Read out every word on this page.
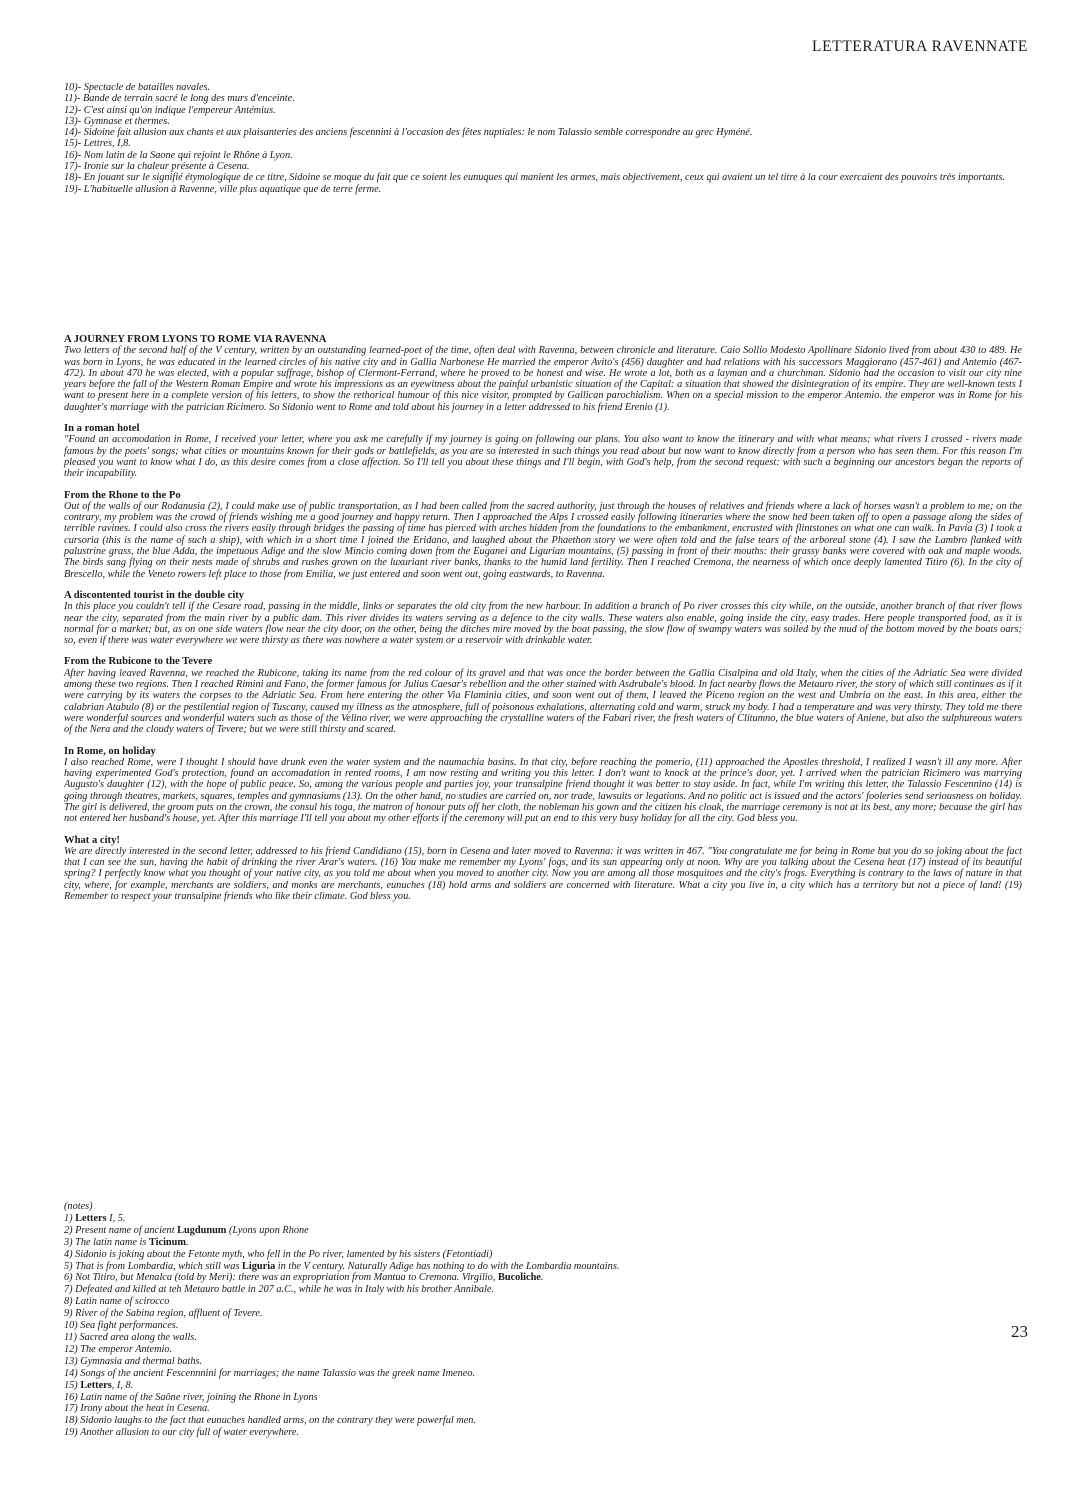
LETTERATURA RAVENNATE
10)- Spectacle de batailles navales.
11)- Bande de terrain sacré le long des murs d'enceinte.
12)- C'est ainsi qu'on indique l'empereur Antémius.
13)- Gymnase et thermes.
14)- Sidoine fait allusion aux chants et aux plaisanteries des anciens fescennini à l'occasion des fêtes nuptiales: le nom Talassio semble correspondre au grec Hyméné.
15)- Lettres, I,8.
16)- Nom latin de la Saone qui rejoint le Rhône à Lyon.
17)- Ironie sur la chaleur présente à Cesena.
18)- En jouant sur le signifié étymologique de ce titre, Sidoine se moque du fait que ce soient les eunuques qui manient les armes, mais objectivement, ceux qui avaient un tel titre à la cour exercaient des pouvoirs très importants.
19)- L'habituelle allusion à Ravenne, ville plus aquatique que de terre ferme.
A JOURNEY FROM LYONS TO ROME VIA RAVENNA

Two letters of the second half of the V century, written by an outstanding learned-poet of the time, often deal with Ravenna, between chronicle and literature. Caio Sollio Modesto Apollinare Sidonio lived from about 430 to 489. He was born in Lyons, he was educated in the learned circles of his native city and in Gallia Narbonese He married the emperor Avito's (456) daughter and had relations with his successors Maggiorano (457-461) and Antemio (467-472). In about 470 he was elected, with a popular suffrage, bishop of Clermont-Ferrand, where he proved to be honest and wise. He wrote a lot, both as a layman and a churchman. Sidonio had the occasion to visit our city nine years before the fall of the Western Roman Empire and wrote his impressions as an eyewitness about the painful urbanistic situation of the Capital: a situation that showed the disintegration of its empire. They are well-known tests I want to present here in a complete version of his letters, to show the rethorical humour of this nice visitor, prompted by Gallican parochialism. When on a special mission to the emperor Antemio. the emperor was in Rome for his daughter's marriage with the patrician Ricimero. So Sidonio went to Rome and told about his journey in a letter addressed to his friend Erenio (1).

In a roman hotel

"Found an accomodation in Rome, I received your letter, where you ask me carefully if my journey is going on following our plans. You also want to know the itinerary and with what means; what rivers I crossed - rivers made famous by the poets' songs; what cities or mountains known for their gods or battlefields, as you are so interested in such things you read about but now want to know directly from a person who has seen them. For this reason I'm pleased you want to know what I do, as this desire comes from a close affection. So I'll tell you about these things and I'll begin, with God's help, from the second request: with such a beginning our ancestors began the reports of their incapability.

From the Rhone to the Po

Out of the walls of our Rodanusia (2), I could make use of public transportation, as I had been called from the sacred authority, just through the houses of relatives and friends where a lack of horses wasn't a problem to me; on the contrary, my problem was the crowd of friends wishing me a good journey and happy return. Then I approached the Alps I crossed easily following itineraries where the snow hed been taken off to open a passage along the sides of terrible ravines. I could also cross the rivers easily through bridges the passing of time has pierced with arches hidden from the foundations to the embankment, encrusted with flintstones on what one can walk. In Pavia (3) I took a cursoria (this is the name of such a ship), with which in a short time I joined the Eridano, and laughed about the Phaethon story we were often told and the false tears of the arboreal stone (4). I saw the Lambro flanked with palustrine grass, the blue Adda, the impetuous Adige and the slow Mincio coming down from the Euganei and Ligurian mountains, (5) passing in front of their mouths: their grassy banks were covered with oak and maple woods. The birds sang flying on their nests made of shrubs and rushes grown on the luxuriant river banks, thanks to the humid land fertility. Then I reached Cremona, the nearness of which once deeply lamented Titiro (6). In the city of Brescello, while the Veneto rowers left place to those from Emilia, we just entered and soon went out, going eastwards, to Ravenna.

A discontented tourist in the double city

In this place you couldn't tell if the Cesare road, passing in the middle, links or separates the old city from the new harbour. In addition a branch of Po river crosses this city while, on the outside, another branch of that river flows near the city, separated from the main river by a public dam. This river divides its waters serving as a defence to the city walls. These waters also enable, going inside the city, easy trades. Here people transported food, as it is normal for a market; but, as on one side waters flow near the city door, on the other, being the ditches mire moved by the boat passing, the slow flow of swampy waters was soiled by the mud of the bottom moved by the boats oars; so, even if there was water everywhere we were thirsty as there was nowhere a water system or a reservoir with drinkable water.

From the Rubicone to the Tevere

After having leaved Ravenna, we reached the Rubicone, taking its name from the red colour of its gravel and that was once the border between the Gallia Cisalpina and old Italy, when the cities of the Adriatic Sea were divided among these two regions. Then I reached Rimini and Fano, the former famous for Julius Caesar's rebellion and the other stained with Asdrubale's blood. In fact nearby flows the Metauro river, the story of which still continues as if it were carrying by its waters the corpses to the Adriatic Sea. From here entering the other Via Flaminia cities, and soon went out of them, I leaved the Piceno region on the west and Umbria on the east. In this area, either the calabrian Atabulo (8) or the pestilential region of Tuscany, caused my illness as the atmosphere, full of poisonous exhalations, alternating cold and warm, struck my body. I had a temperature and was very thirsty. They told me there were wonderful sources and wonderful waters such as those of the Velino river, we were approaching the crystalline waters of the Fabari river, the fresh waters of Clitumno, the blue waters of Aniene, but also the sulphureous waters of the Nera and the cloudy waters of Tevere; but we were still thirsty and scared.

In Rome, on holiday

I also reached Rome, were I thought I should have drunk even the water system and the naumachia basins. In that city, before reaching the pomerio, (11) approached the Apostles threshold, I realized I wasn't ill any more. After having experimented God's protection, found an accomadation in rented rooms, I am now resting and writing you this letter. I don't want to knock at the prince's door, yet. I arrived when the patrician Ricimero was marrying Augusto's daughter (12), with the hope of public peace. So, among the various people and parties joy, your transalpine friend thought it was better to stay aside. In fact, while I'm writing this letter, the Talassio Fescennino (14) is going through theatres, markets, squares, temples and gymnasiums (13). On the other hand, no studies are carried on, nor trade, lawsuits or legations. And no politic act is issued and the actors' fooleries send seriousness on holiday. The girl is delivered, the groom puts on the crown, the consul his toga, the matron of honour puts off her cloth, the nobleman his gown and the citizen his cloak, the marriage ceremony is not at its best, any more; because the girl has not entered her husband's house, yet. After this marriage I'll tell you about my other efforts if the ceremony will put an end to this very busy holiday for all the city. God bless you.

What a city!

We are directly interested in the second letter, addressed to his friend Candidiano (15), born in Cesena and later moved to Ravenna: it was written in 467. "You congratulate me for being in Rome but you do so joking about the fact that I can see the sun, having the habit of drinking the river Arar's waters. (16) You make me remember my Lyons' fogs, and its sun appearing only at noon. Why are you talking about the Cesena heat (17) instead of its beautiful spring? I perfectly know what you thought of your native city, as you told me about when you moved to another city. Now you are among all those mosquitoes and the city's frogs. Everything is contrary to the laws of nature in that city, where, for example, merchants are soldiers, and monks are merchants, eunuches (18) hold arms and soldiers are concerned with literature. What a city you live in, a city which has a territory but not a piece of land! (19) Remember to respect your transalpine friends who like their climate. God bless you.

(notes)
1) Letters I, 5.
2) Present name of ancient Lugdunum (Lyons upon Rhone
3) The latin name is Ticinum.
4) Sidonio is joking about the Fetonte myth, who fell in the Po river, lamented by his sisters (Fetontiadi)
5) That is from Lombardia, which still was Liguria in the V century. Naturally Adige has nothing to do with the Lombardia mountains.
6) Not Titiro, but Menalca (told by Meri): there was an expropriation from Mantua to Cremona. Virgilio, Bucoliche.
7) Defeated and killed at teh Metauro battle in 207 a.C., while he was in Italy with his brother Annibale.
8) Latin name of scirocco
9) River of the Sabina region, affluent of Tevere.
10) Sea fight performances.
11) Sacred area along the walls.
12) The emperor Antemio.
13) Gymnasia and thermal baths.
14) Songs of the ancient Fescennnini for marriages; the name Talassio was the greek name Imeneo.
15) Letters, I, 8.
16) Latin name of the Saône river, joining the Rhone in Lyons
17) Irony about the heat in Cesena.
18) Sidonio laughs to the fact that eunuches handled arms, on the contrary they were powerful men.
19) Another allusion to our city full of water everywhere.
23
